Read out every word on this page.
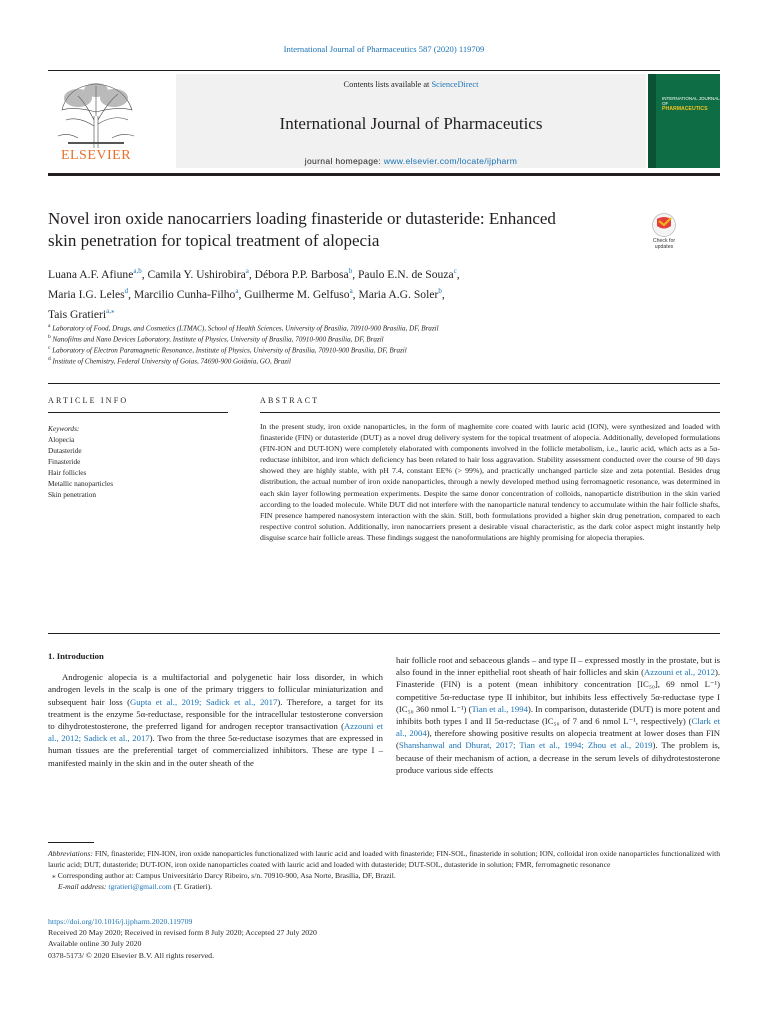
International Journal of Pharmaceutics 587 (2020) 119709
ELSEVIER
Contents lists available at ScienceDirect
International Journal of Pharmaceutics
journal homepage: www.elsevier.com/locate/ijpharm
INTERNATIONAL JOURNAL OF
PHARMACEUTICS
Novel iron oxide nanocarriers loading finasteride or dutasteride: Enhanced
skin penetration for topical treatment of alopecia	Check for
updates
Luana A.F. Afiune$^{a,b}$, Camila Y. Ushirobira$^a$, Débora P.P. Barbosa$^b$, Paulo E.N. de Souza$^c$,
Maria I.G. Leles$^d$, Marcilio Cunha-Filho$^a$, Guilherme M. Gelfuso$^a$, Maria A.G. Soler$^b$,
Tais Gratieri$^{a,⁎}$
$^a$ Laboratory of Food, Drugs, and Cosmetics (LTMAC), School of Health Sciences, University of Brasília, 70910-900 Brasília, DF, Brazil
$^b$ Nanofilms and Nano Devices Laboratory, Institute of Physics, University of Brasília, 70910-900 Brasília, DF, Brazil
$^c$ Laboratory of Electron Paramagnetic Resonance, Institute of Physics, University of Brasília, 70910-900 Brasília, DF, Brazil
$^d$ Institute of Chemistry, Federal University of Goias, 74690-900 Goiânia, GO, Brazil
ARTICLE INFO	ABSTRACT
Keywords:
Alopecia
Dutasteride
Finasteride
Hair follicles
Metallic nanoparticles
Skin penetration
In the present study, iron oxide nanoparticles, in the form of maghemite core coated with lauric acid (ION), were synthesized and loaded with finasteride (FIN) or dutasteride (DUT) as a novel drug delivery system for the topical treatment of alopecia. Additionally, developed formulations (FIN-ION and DUT-ION) were completely elaborated with components involved in the follicle metabolism, i.e., lauric acid, which acts as a 5α-reductase inhibitor, and iron which deficiency has been related to hair loss aggravation. Stability assessment conducted over the course of 90 days showed they are highly stable, with pH 7.4, constant EE% (> 99%), and practically unchanged particle size and zeta potential. Besides drug distribution, the actual number of iron oxide nanoparticles, through a newly developed method using ferromagnetic resonance, was determined in each skin layer following permeation experiments. Despite the same donor concentration of colloids, nanoparticle distribution in the skin varied according to the loaded molecule. While DUT did not interfere with the nanoparticle natural tendency to accumulate within the hair follicle shafts, FIN presence hampered nanosystem interaction with the skin. Still, both formulations provided a higher skin drug penetration, compared to each respective control solution. Additionally, iron nanocarriers present a desirable visual characteristic, as the dark color aspect might instantly help disguise scarce hair follicle areas. These findings suggest the nanoformulations are highly promising for alopecia therapies.
1. Introduction

Androgenic alopecia is a multifactorial and polygenetic hair loss disorder, in which androgen levels in the scalp is one of the primary triggers to follicular miniaturization and subsequent hair loss (Gupta et al., 2019; Sadick et al., 2017). Therefore, a target for its treatment is the enzyme 5α-reductase, responsible for the intracellular testosterone conversion to dihydrotestosterone, the preferred ligand for androgen receptor transactivation (Azzouni et al., 2012; Sadick et al., 2017). Two from the three 5α-reductase isozymes that are expressed in human tissues are the preferential target of commercialized inhibitors. These are type I – manifested mainly in the skin and in the outer sheath of the

hair follicle root and sebaceous glands – and type II – expressed mostly in the prostate, but is also found in the inner epithelial root sheath of hair follicles and skin (Azzouni et al., 2012). Finasteride (FIN) is a potent (mean inhibitory concentration [IC₅₀], 69 nmol L⁻¹) competitive 5α-reductase type II inhibitor, but inhibits less effectively 5α-reductase type I (IC₅₀ 360 nmol L⁻¹) (Tian et al., 1994). In comparison, dutasteride (DUT) is more potent and inhibits both types I and II 5α-reductase (IC₅₀ of 7 and 6 nmol L⁻¹, respectively) (Clark et al., 2004), therefore showing positive results on alopecia treatment at lower doses than FIN (Shanshanwal and Dhurat, 2017; Tian et al., 1994; Zhou et al., 2019). The problem is, because of their mechanism of action, a decrease in the serum levels of dihydrotestosterone produce various side effects

Abbreviations: FIN, finasteride; FIN-ION, iron oxide nanoparticles functionalized with lauric acid and loaded with finasteride; FIN-SOL, finasteride in solution; ION, colloidal iron oxide nanoparticles functionalized with lauric acid; DUT, dutasteride; DUT-ION, iron oxide nanoparticles coated with lauric acid and loaded with dutasteride; DUT-SOL, dutasteride in solution; FMR, ferromagnetic resonance
⁎ Corresponding author at: Campus Universitário Darcy Ribeiro, s/n. 70910-900, Asa Norte, Brasília, DF, Brazil.
E-mail address: tgratieri@gmail.com (T. Gratieri).
https://doi.org/10.1016/j.ijpharm.2020.119709
Received 20 May 2020; Received in revised form 8 July 2020; Accepted 27 July 2020
Available online 30 July 2020
0378-5173/ © 2020 Elsevier B.V. All rights reserved.
